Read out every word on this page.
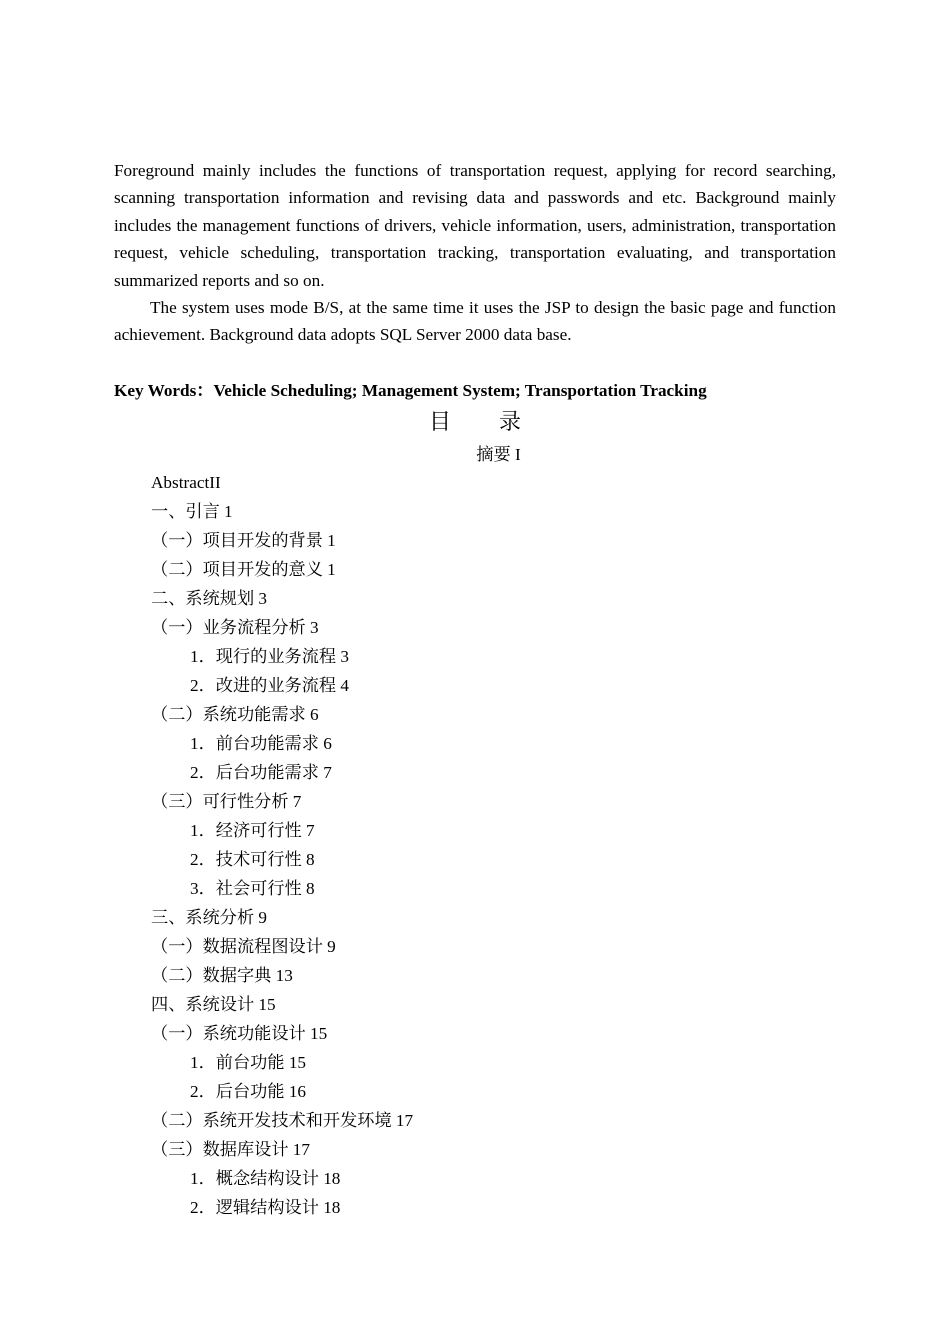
Foreground mainly includes the functions of transportation request, applying for record searching, scanning transportation information and revising data and passwords and etc. Background mainly includes the management functions of drivers, vehicle information, users, administration, transportation request, vehicle scheduling, transportation tracking, transportation evaluating, and transportation summarized reports and so on.

The system uses mode B/S, at the same time it uses the JSP to design the basic page and function achievement. Background data adopts SQL Server 2000 data base.

Key Words：Vehicle Scheduling; Management System; Transportation Tracking

目 录

摘要 I

AbstractII
一、引言 1
（一）项目开发的背景 1
（二）项目开发的意义 1
二、系统规划 3
（一）业务流程分析 3
1．现行的业务流程 3
2．改进的业务流程 4
（二）系统功能需求 6
1．前台功能需求 6
2．后台功能需求 7
（三）可行性分析 7
1．经济可行性 7
2．技术可行性 8
3．社会可行性 8
三、系统分析 9
（一）数据流程图设计 9
（二）数据字典 13
四、系统设计 15
（一）系统功能设计 15
1．前台功能 15
2．后台功能 16
（二）系统开发技术和开发环境 17
（三）数据库设计 17
1．概念结构设计 18
2．逻辑结构设计 18
